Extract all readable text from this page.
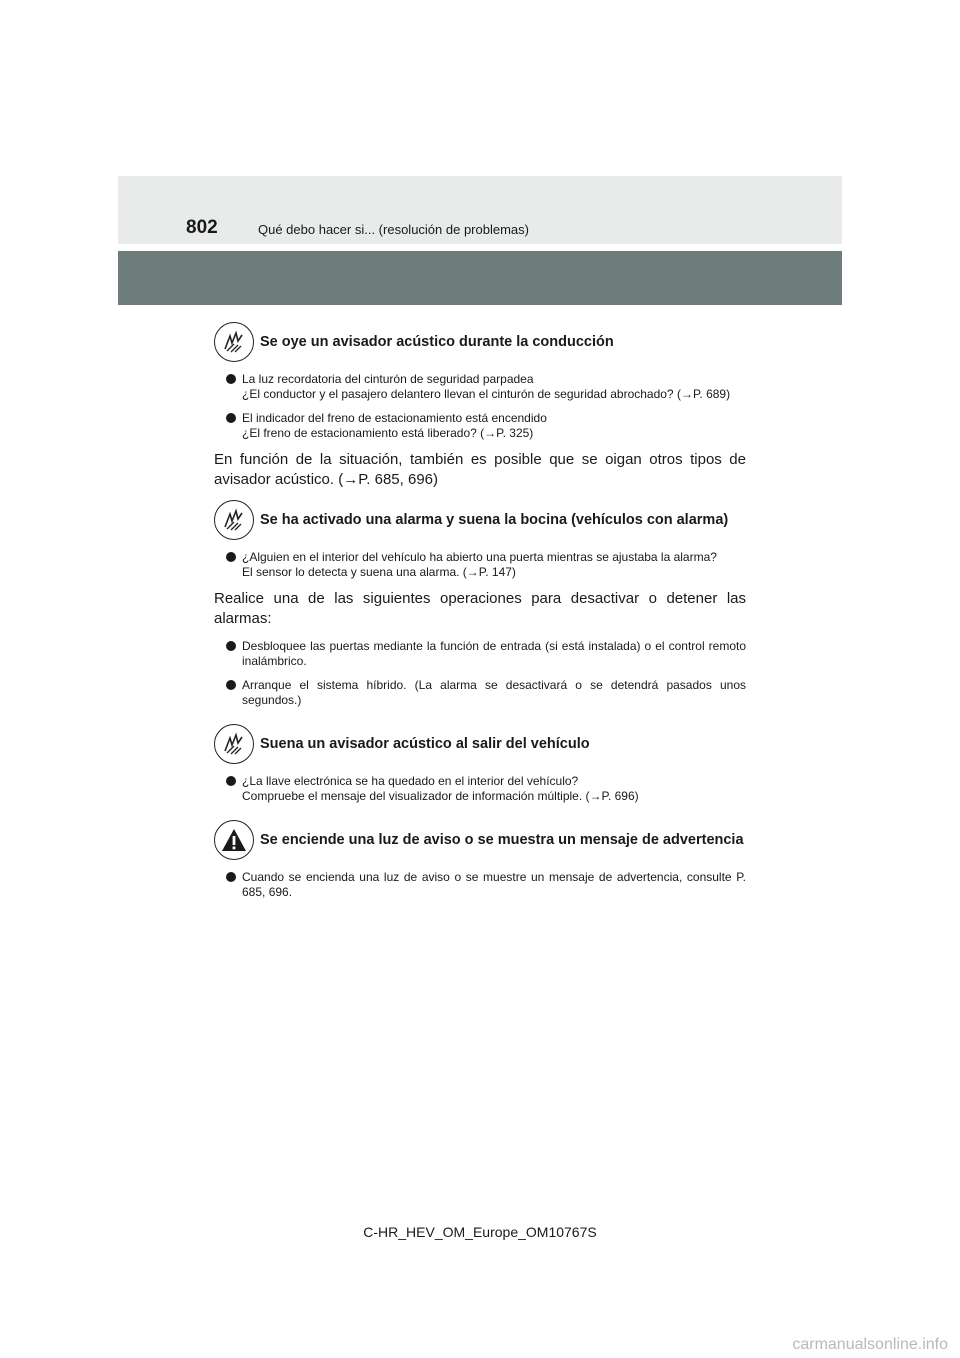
802	Qué debo hacer si... (resolución de problemas)
Se oye un avisador acústico durante la conducción
La luz recordatoria del cinturón de seguridad parpadea
¿El conductor y el pasajero delantero llevan el cinturón de seguridad abrochado? (→P. 689)
El indicador del freno de estacionamiento está encendido
¿El freno de estacionamiento está liberado? (→P. 325)
En función de la situación, también es posible que se oigan otros tipos de avisador acústico. (→P. 685, 696)
Se ha activado una alarma y suena la bocina (vehículos con alarma)
¿Alguien en el interior del vehículo ha abierto una puerta mientras se ajustaba la alarma?
El sensor lo detecta y suena una alarma. (→P. 147)
Realice una de las siguientes operaciones para desactivar o detener las alarmas:
Desbloquee las puertas mediante la función de entrada (si está instalada) o el control remoto inalámbrico.
Arranque el sistema híbrido. (La alarma se desactivará o se detendrá pasados unos segundos.)
Suena un avisador acústico al salir del vehículo
¿La llave electrónica se ha quedado en el interior del vehículo?
Compruebe el mensaje del visualizador de información múltiple. (→P. 696)
Se enciende una luz de aviso o se muestra un mensaje de advertencia
Cuando se encienda una luz de aviso o se muestre un mensaje de advertencia, consulte P. 685, 696.
C-HR_HEV_OM_Europe_OM10767S
carmanualsonline.info
